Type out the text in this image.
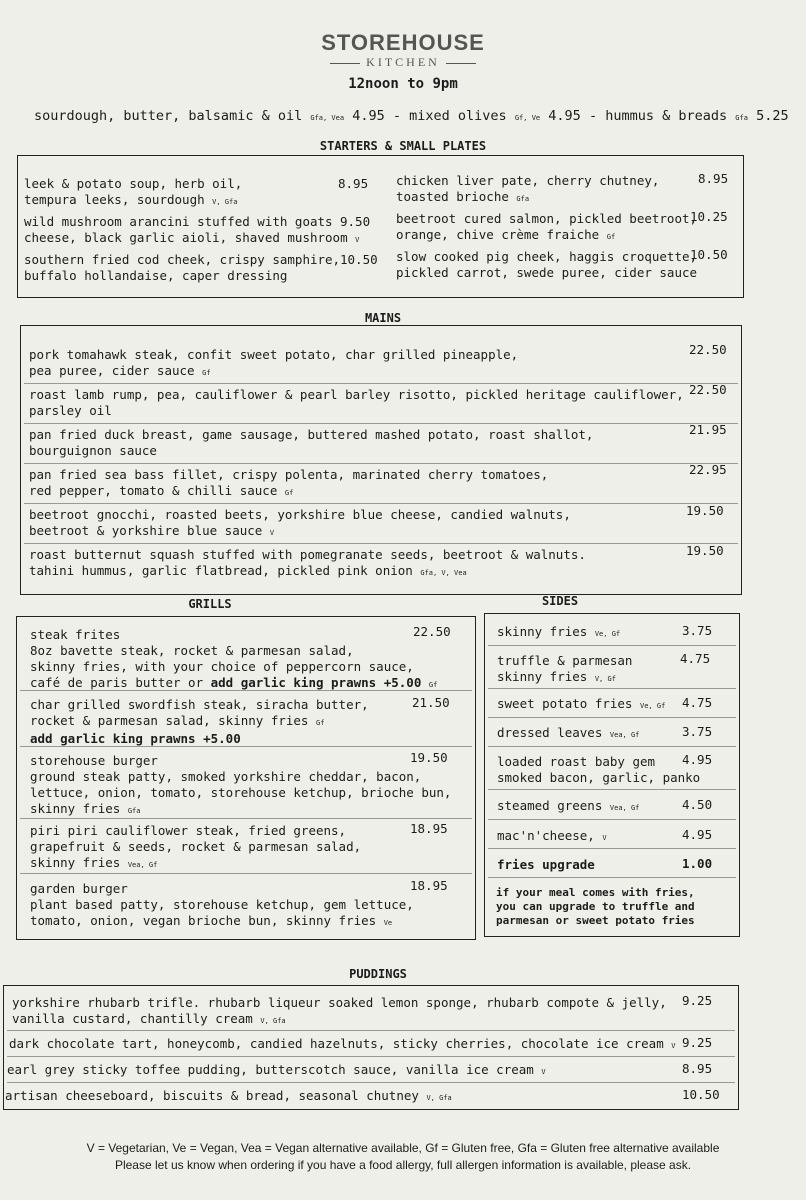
STOREHOUSE
KITCHEN
12noon to 9pm
sourdough, butter, balsamic & oil Gfa, Vea 4.95 - mixed olives Gf, Ve 4.95 - hummus & breads Gfa 5.25
STARTERS & SMALL PLATES
leek & potato soup, herb oil,
tempura leeks, sourdough V, Gfa
8.95
wild mushroom arancini stuffed with goats
cheese, black garlic aioli, shaved mushroom V
9.50
southern fried cod cheek, crispy samphire,
buffalo hollandaise, caper dressing
10.50
chicken liver pate, cherry chutney,
toasted brioche Gfa
8.95
beetroot cured salmon, pickled beetroot,
orange, chive crème fraiche Gf
10.25
slow cooked pig cheek, haggis croquette,
pickled carrot, swede puree, cider sauce
10.50
MAINS
pork tomahawk steak, confit sweet potato, char grilled pineapple,
pea puree, cider sauce Gf
22.50
roast lamb rump, pea, cauliflower & pearl barley risotto, pickled heritage cauliflower,
parsley oil
22.50
pan fried duck breast, game sausage, buttered mashed potato, roast shallot,
bourguignon sauce
21.95
pan fried sea bass fillet, crispy polenta, marinated cherry tomatoes,
red pepper, tomato & chilli sauce Gf
22.95
beetroot gnocchi, roasted beets, yorkshire blue cheese, candied walnuts,
beetroot & yorkshire blue sauce V
19.50
roast butternut squash stuffed with pomegranate seeds, beetroot & walnuts.
tahini hummus, garlic flatbread, pickled pink onion Gfa, V, Vea
19.50
GRILLS
steak frites
8oz bavette steak, rocket & parmesan salad,
skinny fries, with your choice of peppercorn sauce,
café de paris butter or add garlic king prawns +5.00 Gf
22.50
char grilled swordfish steak, siracha butter,
rocket & parmesan salad, skinny fries Gf
add garlic king prawns +5.00
21.50
storehouse burger
ground steak patty, smoked yorkshire cheddar, bacon,
lettuce, onion, tomato, storehouse ketchup, brioche bun,
skinny fries Gfa
19.50
piri piri cauliflower steak, fried greens,
grapefruit & seeds, rocket & parmesan salad,
skinny fries Vea, Gf
18.95
garden burger
plant based patty, storehouse ketchup, gem lettuce,
tomato, onion, vegan brioche bun, skinny fries Ve
18.95
SIDES
skinny fries Ve, Gf	3.75
truffle & parmesan
skinny fries V, Gf
4.75
sweet potato fries Ve, Gf 4.75
dressed leaves Vea, Gf	3.75
loaded roast baby gem
smoked bacon, garlic, panko
4.95
steamed greens Vea, Gf	4.50
mac'n'cheese, V	4.95
fries upgrade	1.00
if your meal comes with fries,
you can upgrade to truffle and
parmesan or sweet potato fries
PUDDINGS
yorkshire rhubarb trifle. rhubarb liqueur soaked lemon sponge, rhubarb compote & jelly,
vanilla custard, chantilly cream V, Gfa
9.25
dark chocolate tart, honeycomb, candied hazelnuts, sticky cherries, chocolate ice cream V 9.25
earl grey sticky toffee pudding, butterscotch sauce, vanilla ice cream V	8.95
artisan cheeseboard, biscuits & bread, seasonal chutney V, Gfa	10.50
V = Vegetarian, Ve = Vegan, Vea = Vegan alternative available, Gf = Gluten free, Gfa = Gluten free alternative available
Please let us know when ordering if you have a food allergy, full allergen information is available, please ask.
